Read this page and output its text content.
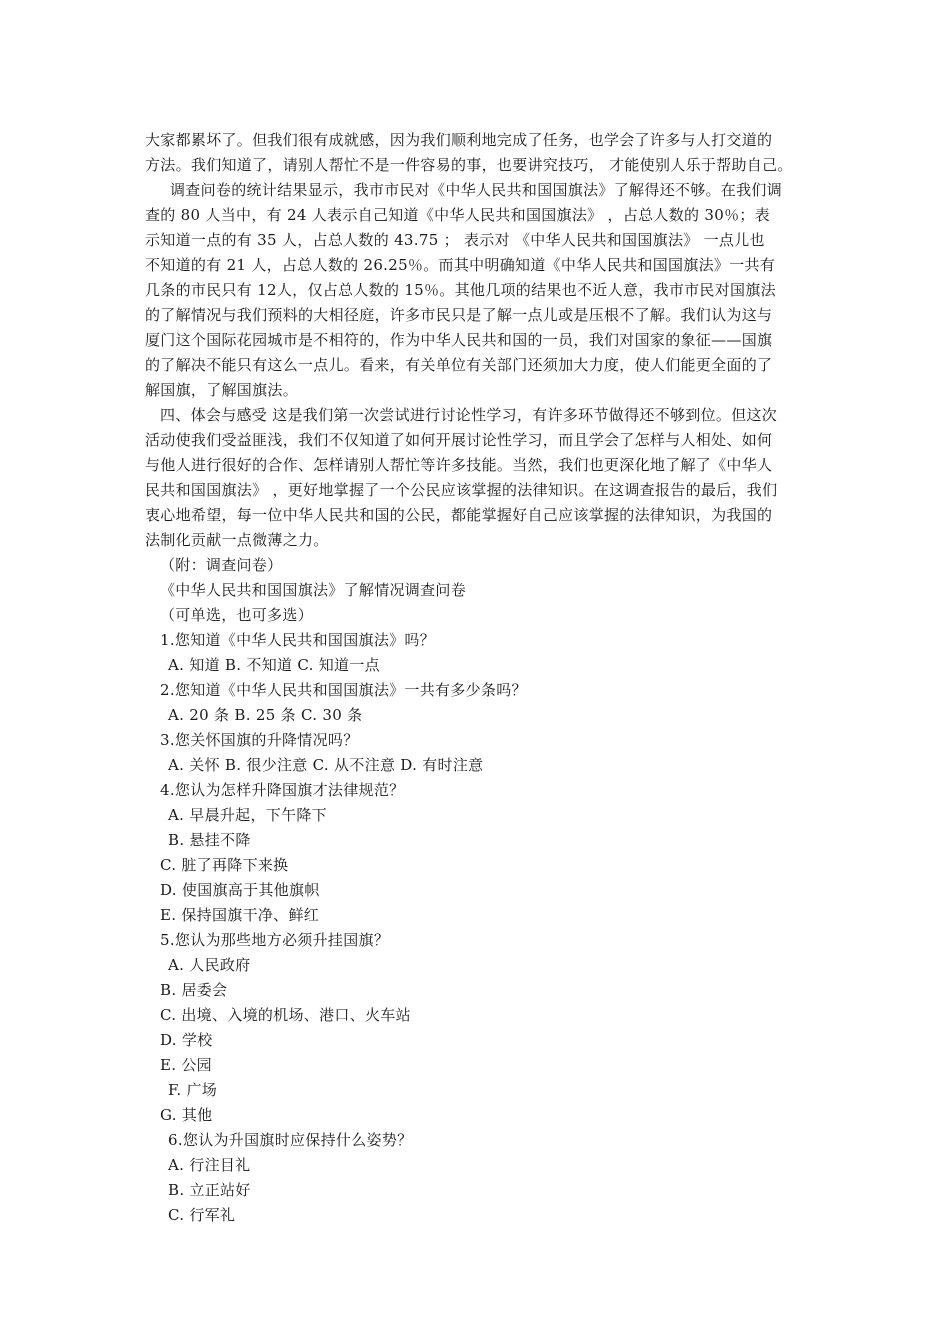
大家都累坏了。但我们很有成就感，因为我们顺利地完成了任务，也学会了许多与人打交道的
方法。我们知道了，请别人帮忙不是一件容易的事，也要讲究技巧， 才能使别人乐于帮助自己。
调查问卷的统计结果显示，我市市民对《中华人民共和国国旗法》了解得还不够。在我们调
查的 80 人当中，有 24 人表示自己知道《中华人民共和国国旗法》 ，占总人数的 30％；表
示知道一点的有 35 人，占总人数的 43.75 ； 表示对 《中华人民共和国国旗法》 一点儿也
不知道的有 21 人，占总人数的 26.25％。而其中明确知道《中华人民共和国国旗法》一共有
几条的市民只有 12人，仅占总人数的 15％。其他几项的结果也不近人意，我市市民对国旗法
的了解情况与我们预料的大相径庭，许多市民只是了解一点儿或是压根不了解。我们认为这与
厦门这个国际花园城市是不相符的，作为中华人民共和国的一员，我们对国家的象征——国旗
的了解决不能只有这么一点儿。看来，有关单位有关部门还须加大力度，使人们能更全面的了
解国旗，了解国旗法。
四、体会与感受 这是我们第一次尝试进行讨论性学习，有许多环节做得还不够到位。但这次
活动使我们受益匪浅，我们不仅知道了如何开展讨论性学习，而且学会了怎样与人相处、如何
与他人进行很好的合作、怎样请别人帮忙等许多技能。当然，我们也更深化地了解了《中华人
民共和国国旗法》 ，更好地掌握了一个公民应该掌握的法律知识。在这调查报告的最后，我们
衷心地希望，每一位中华人民共和国的公民，都能掌握好自己应该掌握的法律知识，为我国的
法制化贡献一点微薄之力。
（附：调查问卷）
《中华人民共和国国旗法》了解情况调查问卷
（可单选，也可多选）
1.您知道《中华人民共和国国旗法》吗？
A. 知道 B. 不知道 C. 知道一点
2.您知道《中华人民共和国国旗法》一共有多少条吗？
A. 20 条 B. 25 条 C. 30 条
3.您关怀国旗的升降情况吗？
A. 关怀 B. 很少注意 C. 从不注意 D. 有时注意
4.您认为怎样升降国旗才法律规范？
A. 早晨升起，下午降下
B. 悬挂不降
C. 脏了再降下来换
D. 使国旗高于其他旗帜
E. 保持国旗干净、鲜红
5.您认为那些地方必须升挂国旗？
A. 人民政府
B. 居委会
C. 出境、入境的机场、港口、火车站
D. 学校
E. 公园
F. 广场
G. 其他
6.您认为升国旗时应保持什么姿势？
A. 行注目礼
B. 立正站好
C. 行军礼
